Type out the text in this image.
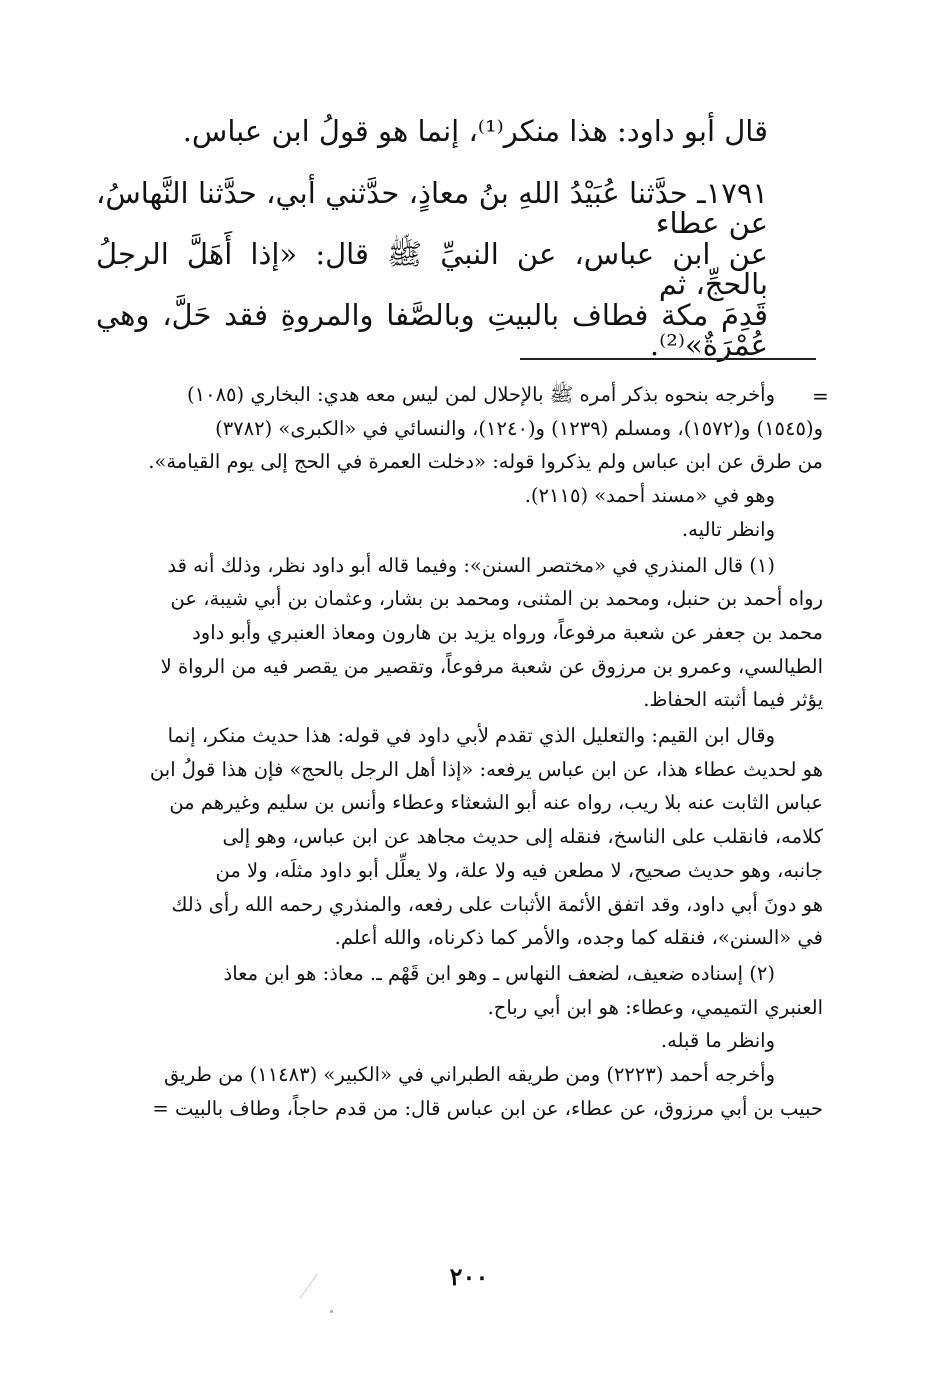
قال أبو داود: هذا منكر⁽¹⁾، إنما هو قولُ ابن عباس.

١٧٩١ـ حدَّثنا عُبَيْدُ اللهِ بنُ معاذٍ، حدَّثني أبي، حدَّثنا النَّهاسُ، عن عطاء

عن ابن عباس، عن النبيِّ ﷺ قال: «إذا أَهَلَّ الرجلُ بالحجِّ، ثم

قَدِمَ مكة فطاف بالبيتِ وبالصَّفا والمروةِ فقد حَلَّ، وهي عُمْرَةٌ»⁽²⁾.

=

وأخرجه بنحوه بذكر أمره ﷺ بالإحلال لمن ليس معه هدي: البخاري (١٠٨٥)

و(١٥٤٥) و(١٥٧٢)، ومسلم (١٢٣٩) و(١٢٤٠)، والنسائي في «الكبرى» (٣٧٨٢)

من طرق عن ابن عباس ولم يذكروا قوله: «دخلت العمرة في الحج إلى يوم القيامة».

وهو في «مسند أحمد» (٢١١٥).

وانظر تاليه.

(١) قال المنذري في «مختصر السنن»: وفيما قاله أبو داود نظر، وذلك أنه قد

رواه أحمد بن حنبل، ومحمد بن المثنى، ومحمد بن بشار، وعثمان بن أبي شيبة، عن

محمد بن جعفر عن شعبة مرفوعاً، ورواه يزيد بن هارون ومعاذ العنبري وأبو داود

الطيالسي، وعمرو بن مرزوق عن شعبة مرفوعاً، وتقصير من يقصر فيه من الرواة لا

يؤثر فيما أثبته الحفاظ.

وقال ابن القيم: والتعليل الذي تقدم لأبي داود في قوله: هذا حديث منكر، إنما

هو لحديث عطاء هذا، عن ابن عباس يرفعه: «إذا أهل الرجل بالحج» فإن هذا قولُ ابن

عباس الثابت عنه بلا ريب، رواه عنه أبو الشعثاء وعطاء وأنس بن سليم وغيرهم من

كلامه، فانقلب على الناسخ، فنقله إلى حديث مجاهد عن ابن عباس، وهو إلى

جانبه، وهو حديث صحيح، لا مطعن فيه ولا علة، ولا يعلِّل أبو داود مثلَه، ولا من

هو دونَ أبي داود، وقد اتفق الأئمة الأثبات على رفعه، والمنذري رحمه الله رأى ذلك

في «السنن»، فنقله كما وجده، والأمر كما ذكرناه، والله أعلم.

(٢) إسناده ضعيف، لضعف النهاس ـ وهو ابن قَهْم ـ. معاذ: هو ابن معاذ

العنبري التميمي، وعطاء: هو ابن أبي رباح.

وانظر ما قبله.

وأخرجه أحمد (٢٢٢٣) ومن طريقه الطبراني في «الكبير» (١١٤٨٣) من طريق

حبيب بن أبي مرزوق، عن عطاء، عن ابن عباس قال: من قدم حاجاً، وطاف بالبيت =

٢٠٠
